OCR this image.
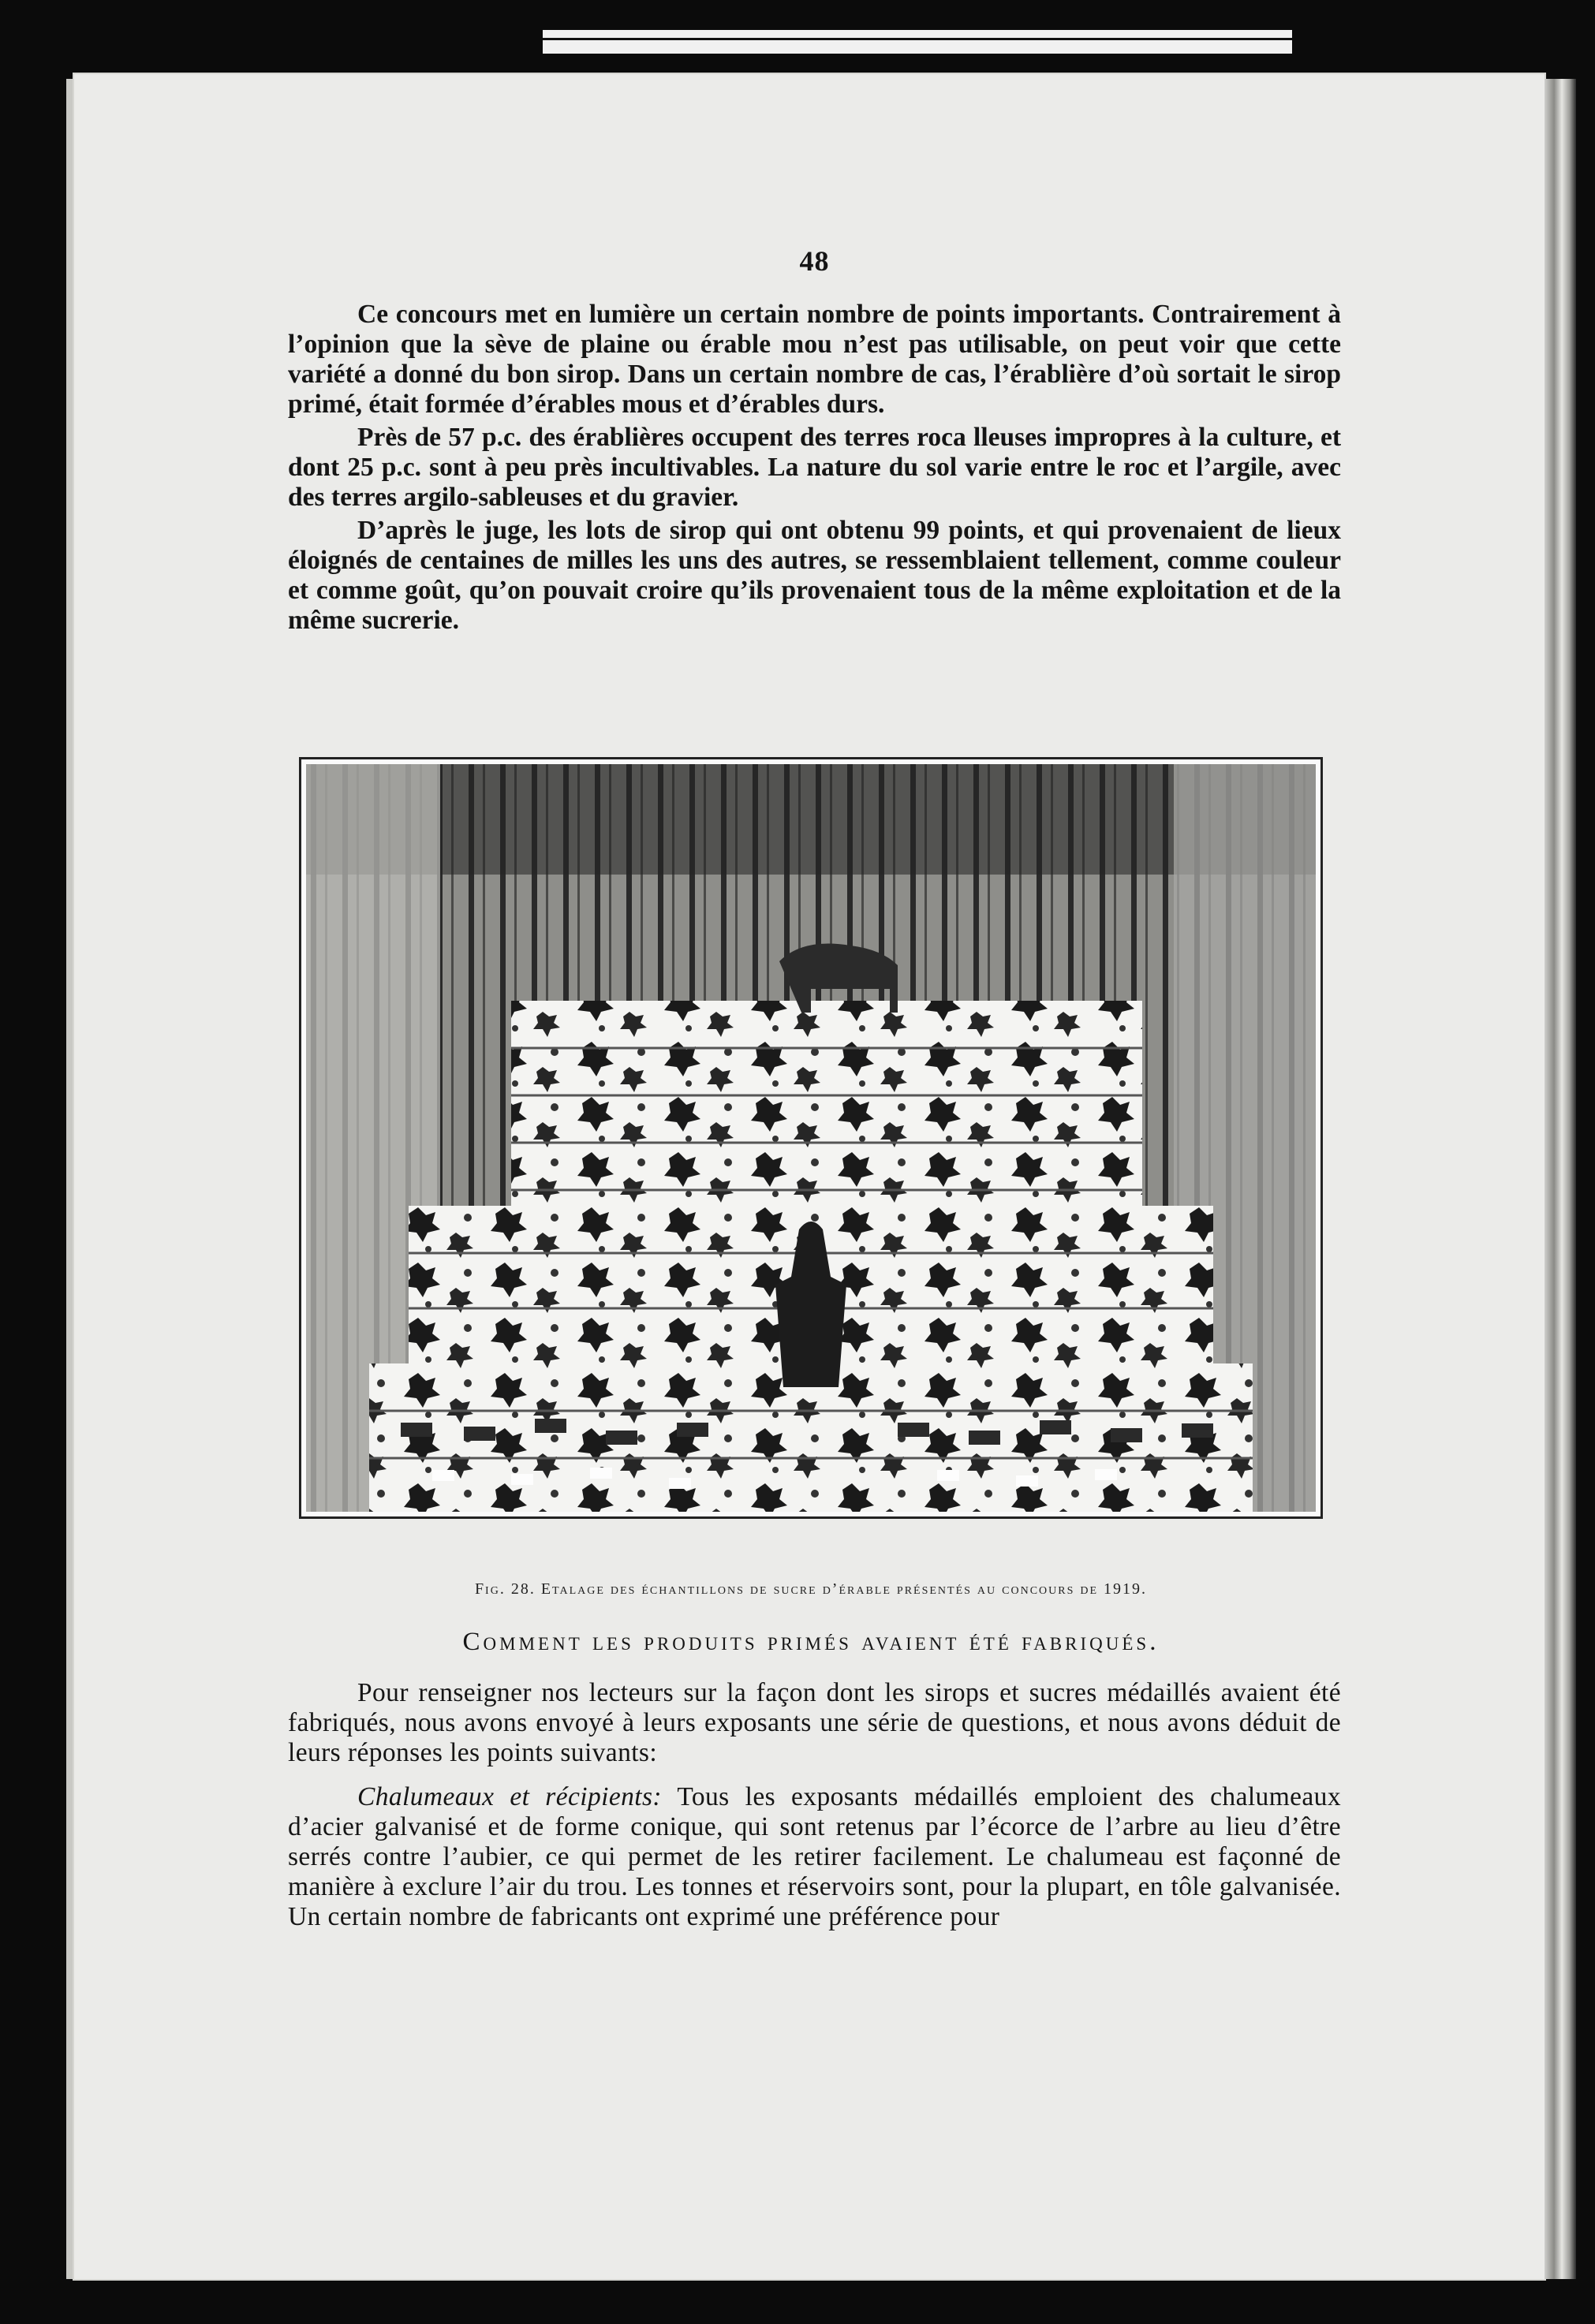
48

Ce concours met en lumière un certain nombre de points importants. Contrairement à l’opinion que la sève de plaine ou érable mou n’est pas utilisable, on peut voir que cette variété a donné du bon sirop. Dans un certain nombre de cas, l’érablière d’où sortait le sirop primé, était formée d’érables mous et d’érables durs.

Près de 57 p.c. des érablières occupent des terres roca lleuses impropres à la culture, et dont 25 p.c. sont à peu près incultivables. La nature du sol varie entre le roc et l’argile, avec des terres argilo-sableuses et du gravier.

D’après le juge, les lots de sirop qui ont obtenu 99 points, et qui provenaient de lieux éloignés de centaines de milles les uns des autres, se ressemblaient tellement, comme couleur et comme goût, qu’on pouvait croire qu’ils provenaient tous de la même exploitation et de la même sucrerie.

Fig. 28. Etalage des échantillons de sucre d’érable présentés au concours de 1919.
Comment les produits primés avaient été fabriqués.

Pour renseigner nos lecteurs sur la façon dont les sirops et sucres médaillés avaient été fabriqués, nous avons envoyé à leurs exposants une série de questions, et nous avons déduit de leurs réponses les points suivants:

Chalumeaux et récipients: Tous les exposants médaillés emploient des chalumeaux d’acier galvanisé et de forme conique, qui sont retenus par l’écorce de l’arbre au lieu d’être serrés contre l’aubier, ce qui permet de les retirer facilement. Le chalumeau est façonné de manière à exclure l’air du trou. Les tonnes et réservoirs sont, pour la plupart, en tôle galvanisée. Un certain nombre de fabricants ont exprimé une préférence pour
